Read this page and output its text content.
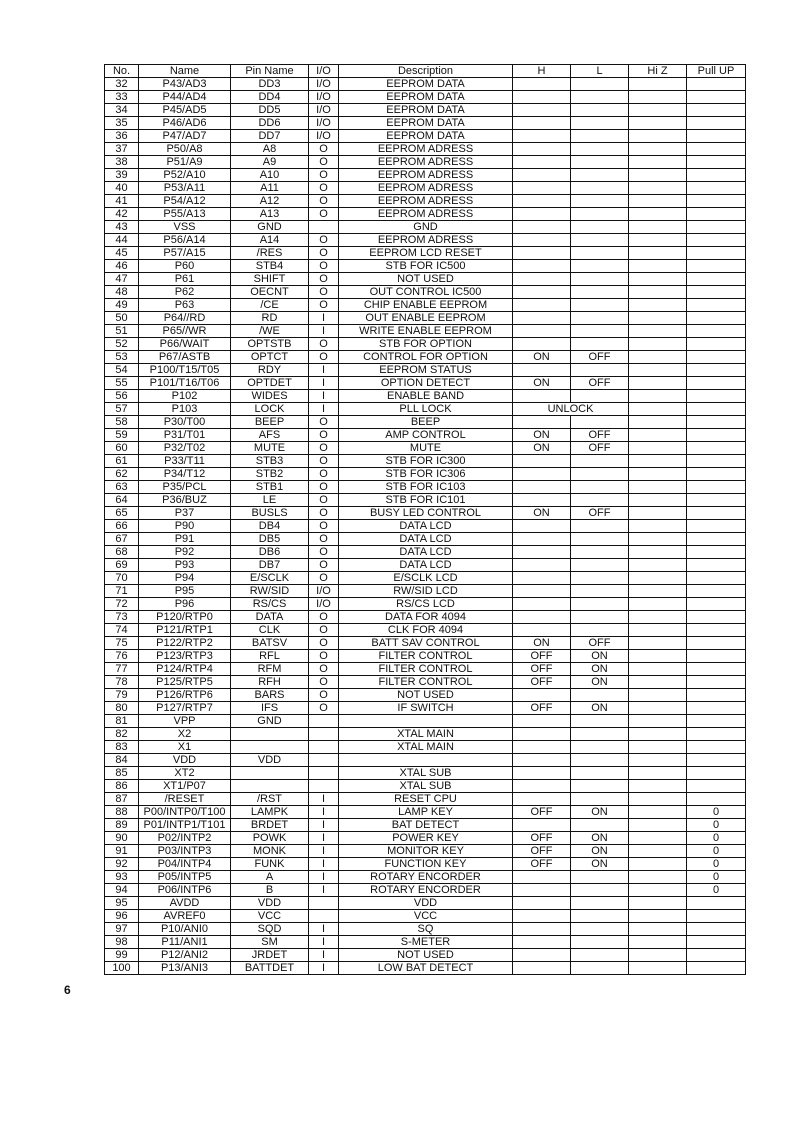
No.	Name	Pin Name	I/O	Description	H	L	Hi Z	Pull UP
32	P43/AD3	DD3	I/O	EEPROM DATA				
33	P44/AD4	DD4	I/O	EEPROM DATA				
34	P45/AD5	DD5	I/O	EEPROM DATA				
35	P46/AD6	DD6	I/O	EEPROM DATA				
36	P47/AD7	DD7	I/O	EEPROM DATA				
37	P50/A8	A8	O	EEPROM ADRESS				
38	P51/A9	A9	O	EEPROM ADRESS				
39	P52/A10	A10	O	EEPROM ADRESS				
40	P53/A11	A11	O	EEPROM ADRESS				
41	P54/A12	A12	O	EEPROM ADRESS				
42	P55/A13	A13	O	EEPROM ADRESS				
43	VSS	GND		GND				
44	P56/A14	A14	O	EEPROM ADRESS				
45	P57/A15	/RES	O	EEPROM LCD RESET				
46	P60	STB4	O	STB FOR IC500				
47	P61	SHIFT	O	NOT USED				
48	P62	OECNT	O	OUT CONTROL IC500				
49	P63	/CE	O	CHIP ENABLE EEPROM				
50	P64//RD	RD	I	OUT ENABLE EEPROM				
51	P65//WR	/WE	I	WRITE ENABLE EEPROM				
52	P66/WAIT	OPTSTB	O	STB FOR OPTION				
53	P67/ASTB	OPTCT	O	CONTROL FOR OPTION	ON	OFF		
54	P100/T15/T05	RDY	I	EEPROM STATUS				
55	P101/T16/T06	OPTDET	I	OPTION DETECT	ON	OFF		
56	P102	WIDES	I	ENABLE BAND				
57	P103	LOCK	I	PLL LOCK	UNLOCK			
58	P30/T00	BEEP	O	BEEP				
59	P31/T01	AFS	O	AMP CONTROL	ON	OFF		
60	P32/T02	MUTE	O	MUTE	ON	OFF		
61	P33/T11	STB3	O	STB FOR IC300				
62	P34/T12	STB2	O	STB FOR IC306				
63	P35/PCL	STB1	O	STB FOR IC103				
64	P36/BUZ	LE	O	STB FOR IC101				
65	P37	BUSLS	O	BUSY LED CONTROL	ON	OFF		
66	P90	DB4	O	DATA LCD				
67	P91	DB5	O	DATA LCD				
68	P92	DB6	O	DATA LCD				
69	P93	DB7	O	DATA LCD				
70	P94	E/SCLK	O	E/SCLK LCD				
71	P95	RW/SID	I/O	RW/SID LCD				
72	P96	RS/CS	I/O	RS/CS LCD				
73	P120/RTP0	DATA	O	DATA FOR 4094				
74	P121/RTP1	CLK	O	CLK FOR 4094				
75	P122/RTP2	BATSV	O	BATT SAV CONTROL	ON	OFF		
76	P123/RTP3	RFL	O	FILTER CONTROL	OFF	ON		
77	P124/RTP4	RFM	O	FILTER CONTROL	OFF	ON		
78	P125/RTP5	RFH	O	FILTER CONTROL	OFF	ON		
79	P126/RTP6	BARS	O	NOT USED				
80	P127/RTP7	IFS	O	IF SWITCH	OFF	ON		
81	VPP	GND						
82	X2			XTAL MAIN				
83	X1			XTAL MAIN				
84	VDD	VDD						
85	XT2			XTAL SUB				
86	XT1/P07			XTAL SUB				
87	/RESET	/RST	I	RESET CPU				
88	P00/INTP0/T100	LAMPK	I	LAMP KEY	OFF	ON		0
89	P01/INTP1/T101	BRDET	I	BAT DETECT				0
90	P02/INTP2	POWK	I	POWER KEY	OFF	ON		0
91	P03/INTP3	MONK	I	MONITOR KEY	OFF	ON		0
92	P04/INTP4	FUNK	I	FUNCTION KEY	OFF	ON		0
93	P05/INTP5	A	I	ROTARY ENCORDER				0
94	P06/INTP6	B	I	ROTARY ENCORDER				0
95	AVDD	VDD		VDD				
96	AVREF0	VCC		VCC				
97	P10/ANI0	SQD	I	SQ				
98	P11/ANI1	SM	I	S-METER				
99	P12/ANI2	JRDET	I	NOT USED				
100	P13/ANI3	BATTDET	I	LOW BAT DETECT				
6
